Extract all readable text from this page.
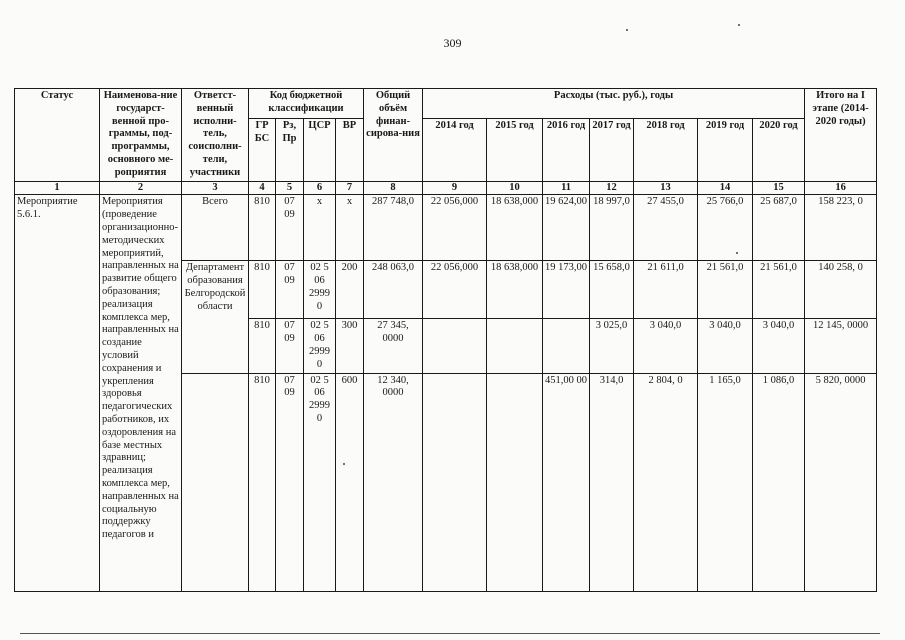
309
Статус	Наименова-ние государст-венной про-граммы, под-программы, основного ме-роприятия	Ответст-венный исполни-тель, соисполни-тели, участники	Код бюджетной классификации				Общий объём финан-сирова-ния	Расходы (тыс. руб.), годы							Итого на I этапе (2014-2020 годы)
			ГР БС	Рз, Пр	ЦСР	ВР		2014 год	2015 год	2016 год	2017 год	2018 год	2019 год	2020 год	
1	2	3	4	5	6	7	8	9	10	11	12	13	14	15	16
Мероприятие 5.6.1.	Мероприятия (проведение организационно-методических мероприятий, направленных на развитие общего образования; реализация комплекса мер, направленных на создание условий сохранения и укрепления здоровья педагогических работников, их оздоровления на базе местных здравниц; реализация комплекса мер, направленных на социальную поддержку педагогов и	Всего	810	07 09	х	х	287 748,0	22 056,000	18 638,000	19 624,00	18 997,0	27 455,0	25 766,0	25 687,0	158 223, 0
		Департамент образования Белгородской области	810	07 09	02 5 06 2999 0	200	248 063,0	22 056,000	18 638,000	19 173,00	15 658,0	21 611,0	21 561,0	21 561,0	140 258, 0
			810	07 09	02 5 06 2999 0	300	27 345, 0000				3 025,0	3 040,0	3 040,0	3 040,0	12 145, 0000
			810	07 09	02 5 06 2999 0	600	12 340, 0000			451,00 00	314,0	2 804, 0	1 165,0	1 086,0	5 820, 0000
